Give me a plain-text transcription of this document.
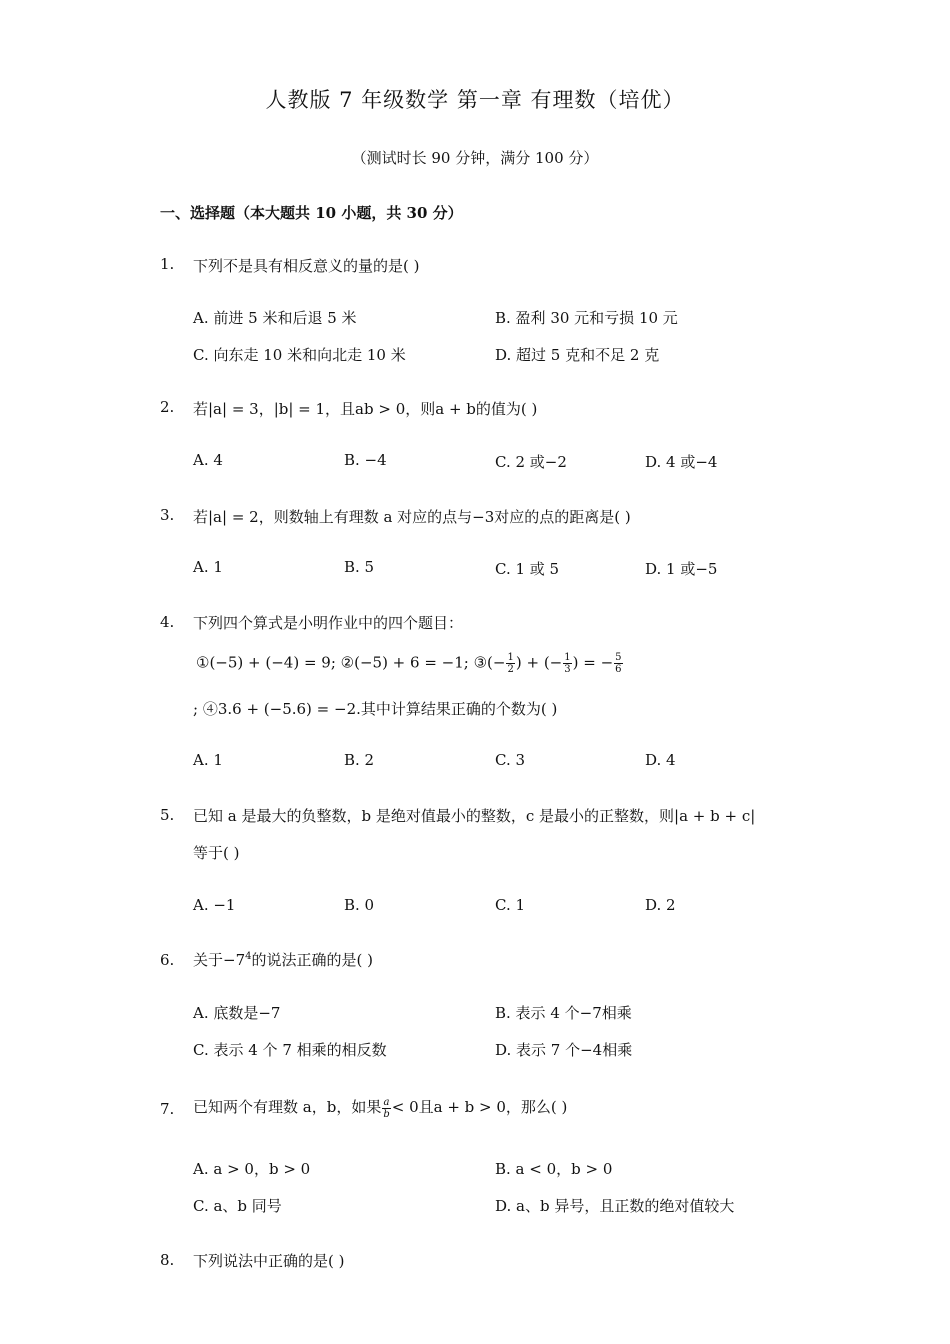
人教版 7 年级数学 第一章 有理数（培优）
（测试时长 90 分钟，满分 100 分）
一、选择题（本大题共 10 小题，共 30 分）
1. 下列不是具有相反意义的量的是( )
A. 前进 5 米和后退 5 米	B. 盈利 30 元和亏损 10 元
C. 向东走 10 米和向北走 10 米	D. 超过 5 克和不足 2 克
2. 若|a| = 3，|b| = 1，且ab > 0，则a + b的值为( )
A. 4	B. −4	C. 2 或−2	D. 4 或−4
3. 若|a| = 2，则数轴上有理数 a 对应的点与−3对应的点的距离是( )
A. 1	B. 5	C. 1 或 5	D. 1 或−5
4. 下列四个算式是小明作业中的四个题目：
①(−5) + (−4) = 9; ②(−5) + 6 = −1; ③(− $\frac{1}{2}$ ) + (− $\frac{1}{3}$ ) = − $\frac{5}{6}$
; ④3.6 + (−5.6) = −2.其中计算结果正确的个数为( )
A. 1	B. 2	C. 3	D. 4
5. 已知 a 是最大的负整数，b 是绝对值最小的整数，c 是最小的正整数，则|a + b + c|
等于( )
A. −1	B. 0	C. 1	D. 2
6. 关于$-7^4$的说法正确的是( )
A. 底数是−7	B. 表示 4 个−7相乘
C. 表示 4 个 7 相乘的相反数	D. 表示 7 个−4相乘
7. 已知两个有理数 a，b，如果 $\frac{a}{b} < 0$且a + b > 0，那么( )
A. a > 0，b > 0	B. a < 0，b > 0
C. a、b 同号	D. a、b 异号，且正数的绝对值较大
8. 下列说法中正确的是( )
